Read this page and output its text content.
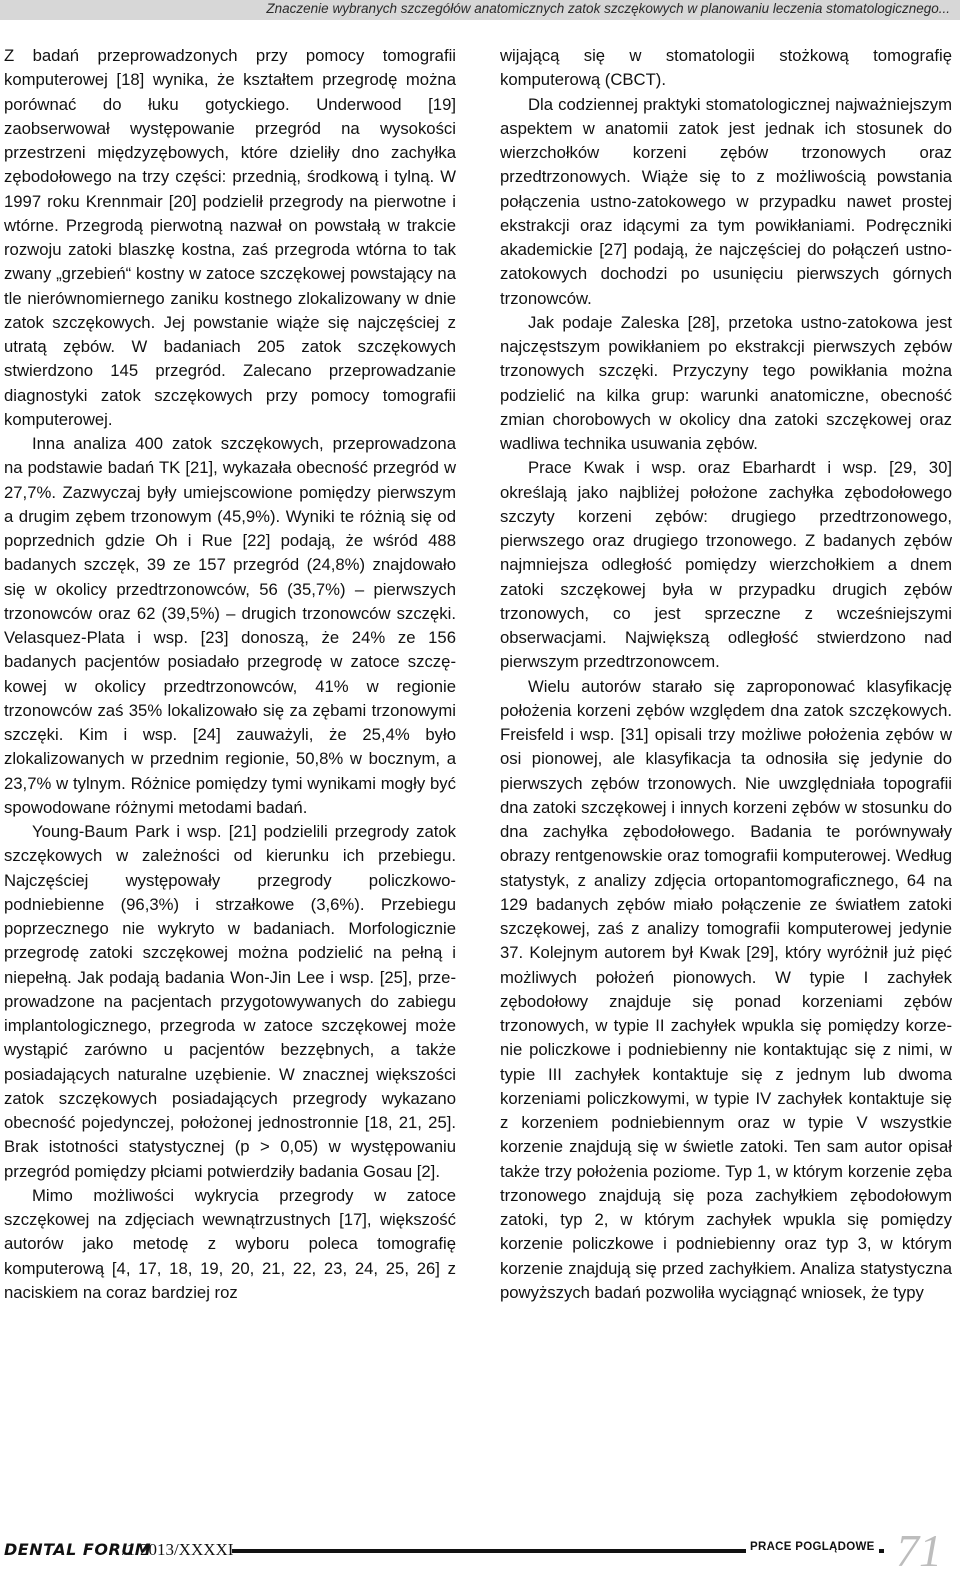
Znaczenie wybranych szczegółów anatomicznych zatok szczękowych w planowaniu leczenia stomatologicznego...

Z badań przeprowadzonych przy pomocy tomografii komputerowej [18] wynika, że kształtem przegrodę można porównać do łuku gotyckiego. Underwood [19] zaobserwował występowanie przegród na wysokości przestrzeni międzyzębowych, które dzieliły dno zachyłka zębodołowego na trzy części: przednią, środkową i tylną. W 1997 roku Krennmair [20] podzielił przegrody na pierwotne i wtórne. Przegrodą pierwotną nazwał on powstałą w trakcie rozwoju zatoki blaszkę kostna, zaś przegroda wtórna to tak zwany „grzebień“ kostny w zatoce szczękowej powstający na tle nierównomiernego zaniku kostnego zlokalizowany w dnie zatok szczękowych. Jej powstanie wiąże się najczęściej z utratą zębów. W badaniach 205 zatok szczękowych stwierdzono 145 przegród. Zalecano przeprowadzanie diagnostyki zatok szczękowych przy pomocy tomografii komputerowej.

Inna analiza 400 zatok szczękowych, przeprowadzona na podstawie badań TK [21], wykazała obecność przegród w 27,7%. Zazwyczaj były umiejscowione pomiędzy pierwszym a drugim zębem trzonowym (45,9%). Wyniki te różnią się od poprzednich gdzie Oh i Rue [22] podają, że wśród 488 badanych szczęk, 39 ze 157 przegród (24,8%) znajdowało się w okolicy przedtrzonowców, 56 (35,7%) – pierwszych trzonowców oraz 62 (39,5%) – drugich trzonowców szczęki. Velasquez-Plata i wsp. [23] donoszą, że 24% ze 156 badanych pacjentów posiadało przegrodę w zatoce szczękowej w okolicy przedtrzonowców, 41% w regionie trzonowców zaś 35% lokalizowało się za zębami trzonowymi szczęki. Kim i wsp. [24] zauważyli, że 25,4% było zlokalizowanych w przednim regionie, 50,8% w bocznym, a 23,7% w tylnym. Różnice pomiędzy tymi wynikami mogły być spowodowane różnymi metodami badań.

Young-Baum Park i wsp. [21] podzielili przegrody zatok szczękowych w zależności od kierunku ich przebiegu. Najczęściej występowały przegrody policzkowo-podniebienne (96,3%) i strzałkowe (3,6%). Przebiegu poprzecznego nie wykryto w badaniach. Morfologicznie przegrodę zatoki szczękowej można podzielić na pełną i niepełną. Jak podają badania Won-Jin Lee i wsp. [25], przeprowadzone na pacjentach przygotowywanych do zabiegu implantologicznego, przegroda w zatoce szczękowej może wystąpić zarówno u pacjentów bezzębnych, a także posiadających naturalne uzębienie. W znacznej większości zatok szczękowych posiadających przegrody wykazano obecność pojedynczej, położonej jednostronnie [18, 21, 25]. Brak istotności statystycznej (p > 0,05) w występowaniu przegród pomiędzy płciami potwierdziły badania Gosau [2].

Mimo możliwości wykrycia przegrody w zatoce szczękowej na zdjęciach wewnątrzustnych [17], większość autorów jako metodę z wyboru poleca tomografię komputerową [4, 17, 18, 19, 20, 21, 22, 23, 24, 25, 26] z naciskiem na coraz bardziej roz

wijającą się w stomatologii stożkową tomografię komputerową (CBCT).

Dla codziennej praktyki stomatologicznej najważniejszym aspektem w anatomii zatok jest jednak ich stosunek do wierzchołków korzeni zębów trzonowych oraz przedtrzonowych. Wiąże się to z możliwością powstania połączenia ustno-zatokowego w przypadku nawet prostej ekstrakcji oraz idącymi za tym powikłaniami. Podręczniki akademickie [27] podają, że najczęściej do połączeń ustno-zatokowych dochodzi po usunięciu pierwszych górnych trzonowców.

Jak podaje Zaleska [28], przetoka ustno-zatokowa jest najczęstszym powikłaniem po ekstrakcji pierwszych zębów trzonowych szczęki. Przyczyny tego powikłania można podzielić na kilka grup: warunki anatomiczne, obecność zmian chorobowych w okolicy dna zatoki szczękowej oraz wadliwa technika usuwania zębów.

Prace Kwak i wsp. oraz Ebarhardt i wsp. [29, 30] określają jako najbliżej położone zachyłka zębodołowego szczyty korzeni zębów: drugiego przedtrzonowego, pierwszego oraz drugiego trzonowego. Z badanych zębów najmniejsza odległość pomiędzy wierzchołkiem a dnem zatoki szczękowej była w przypadku drugich zębów trzonowych, co jest sprzeczne z wcześniejszymi obserwacjami. Największą odległość stwierdzono nad pierwszym przedtrzonowcem.

Wielu autorów starało się zaproponować klasyfikację położenia korzeni zębów względem dna zatok szczękowych. Freisfeld i wsp. [31] opisali trzy możliwe położenia zębów w osi pionowej, ale klasyfikacja ta odnosiła się jedynie do pierwszych zębów trzonowych. Nie uwzględniała topografii dna zatoki szczękowej i innych korzeni zębów w stosunku do dna zachyłka zębodołowego. Badania te porównywały obrazy rentgenowskie oraz tomografii komputerowej. Według statystyk, z analizy zdjęcia ortopantomograficznego, 64 na 129 badanych zębów miało połączenie ze światłem zatoki szczękowej, zaś z analizy tomografii komputerowej jedynie 37. Kolejnym autorem był Kwak [29], który wyróżnił już pięć możliwych położeń pionowych. W typie I zachyłek zębodołowy znajduje się ponad korzeniami zębów trzonowych, w typie II zachyłek wpukla się pomiędzy korzenie policzkowe i podniebienny nie kontaktując się z nimi, w typie III zachyłek kontaktuje się z jednym lub dwoma korzeniami policzkowymi, w typie IV zachyłek kontaktuje się z korzeniem podniebiennym oraz w typie V wszystkie korzenie znajdują się w świetle zatoki. Ten sam autor opisał także trzy położenia poziome. Typ 1, w którym korzenie zęba trzonowego znajdują się poza zachyłkiem zębodołowym zatoki, typ 2, w którym zachyłek wpukla się pomiędzy korzenie policzkowe i podniebienny oraz typ 3, w którym korzenie znajdują się przed zachyłkiem. Analiza statystyczna powyższych badań pozwoliła wyciągnąć wniosek, że typy

DENTAL FORUM
/1/2013/XXXXI	PRACE POGLĄDOWE 71
